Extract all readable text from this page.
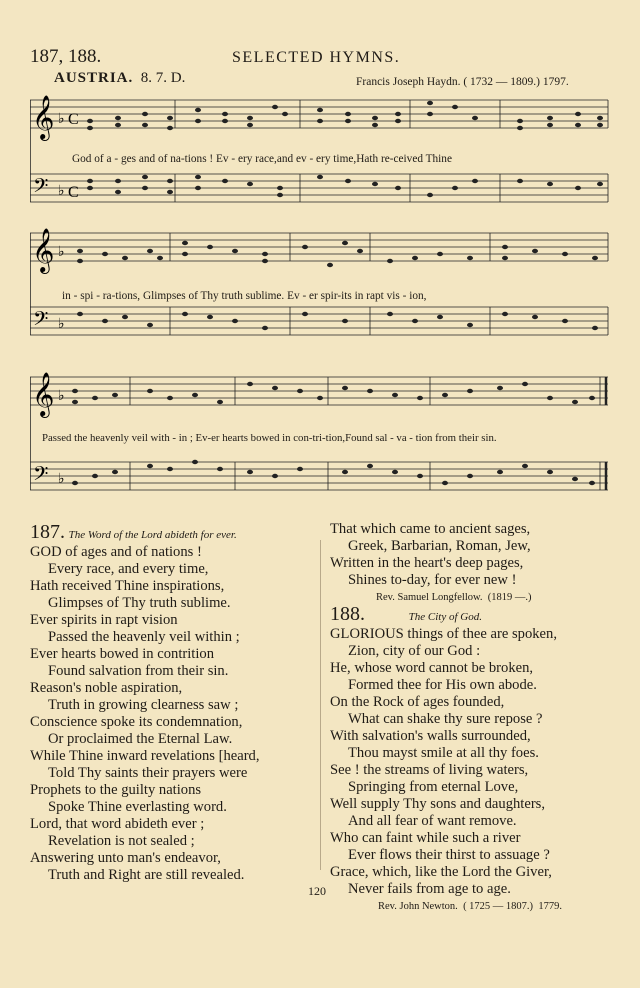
187, 188.	SELECTED HYMNS.
AUSTRIA. 8. 7. D.	Francis Joseph Haydn. ( 1732 — 1809.) 1797.
𝄞
𝄢
♭
♭
C
C
God of a - ges and of na-tions ! Ev - ery race,and ev - ery time,Hath re-ceived Thine
𝄞
𝄢
♭
♭
in - spi - ra-tions, Glimpses of Thy truth sublime. Ev - er spir-its in rapt vis - ion,
𝄞
𝄢
♭
♭
Passed the heavenly veil with - in ; Ev-er hearts bowed in con-tri-tion,Found sal - va - tion from their sin.
187. The Word of the Lord abideth for ever.
GOD of ages and of nations !
Every race, and every time,
Hath received Thine inspirations,
Glimpses of Thy truth sublime.
Ever spirits in rapt vision
Passed the heavenly veil within ;
Ever hearts bowed in contrition
Found salvation from their sin.
Reason's noble aspiration,
Truth in growing clearness saw ;
Conscience spoke its condemnation,
Or proclaimed the Eternal Law.
While Thine inward revelations [heard,
Told Thy saints their prayers were
Prophets to the guilty nations
Spoke Thine everlasting word.
Lord, that word abideth ever ;
Revelation is not sealed ;
Answering unto man's endeavor,
Truth and Right are still revealed.
That which came to ancient sages,
Greek, Barbarian, Roman, Jew,
Written in the heart's deep pages,
Shines to-day, for ever new !
Rev. Samuel Longfellow. (1819 —.)
188.	The City of God.
GLORIOUS things of thee are spoken,
Zion, city of our God :
He, whose word cannot be broken,
Formed thee for His own abode.
On the Rock of ages founded,
What can shake thy sure repose ?
With salvation's walls surrounded,
Thou mayst smile at all thy foes.
See ! the streams of living waters,
Springing from eternal Love,
Well supply Thy sons and daughters,
And all fear of want remove.
Who can faint while such a river
Ever flows their thirst to assuage ?
Grace, which, like the Lord the Giver,
Never fails from age to age.
Rev. John Newton. ( 1725 — 1807.) 1779.
120
